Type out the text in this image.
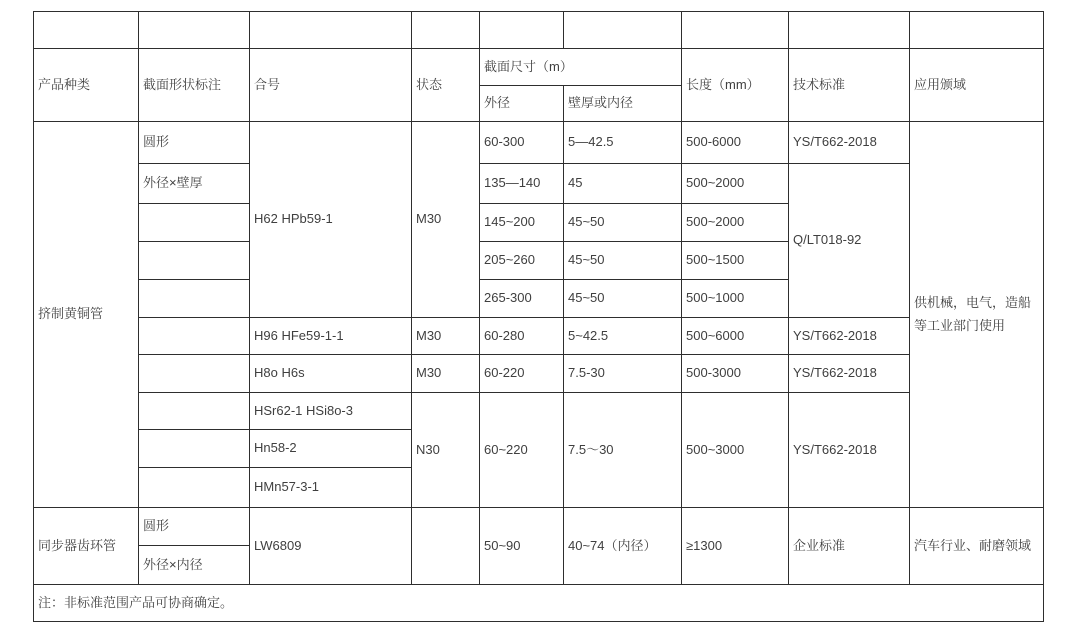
产品种类	截面形状标注	合号	状态	截面尺寸（m）		长度（mm）	技术标准	应用颁域
				外径	壁厚或内径			
挤制黄铜管	圆形	H62 HPb59-1	M30	60-300	5—42.5	500-6000	YS/T662-2018	供机械，电气，造船等工业部门使用
	外径×壁厚			135—140	45	500~2000	Q/LT018-92	
				145~200	45~50	500~2000		
				205~260	45~50	500~1500		
				265-300	45~50	500~1000		
		H96 HFe59-1-1	M30	60-280	5~42.5	500~6000	YS/T662-2018	
		H8o H6s	M30	60-220	7.5-30	500-3000	YS/T662-2018	
		HSr62-1 HSi8o-3	N30	60~220	7.5～30	500~3000	YS/T662-2018	
		Hn58-2						
		HMn57-3-1						
同步器齿环管	圆形	LW6809		50~90	40~74（内径）	≥1300	企业标准	汽车行业、耐磨领域
	外径×内径							
注：非标准范围产品可协商确定。								
